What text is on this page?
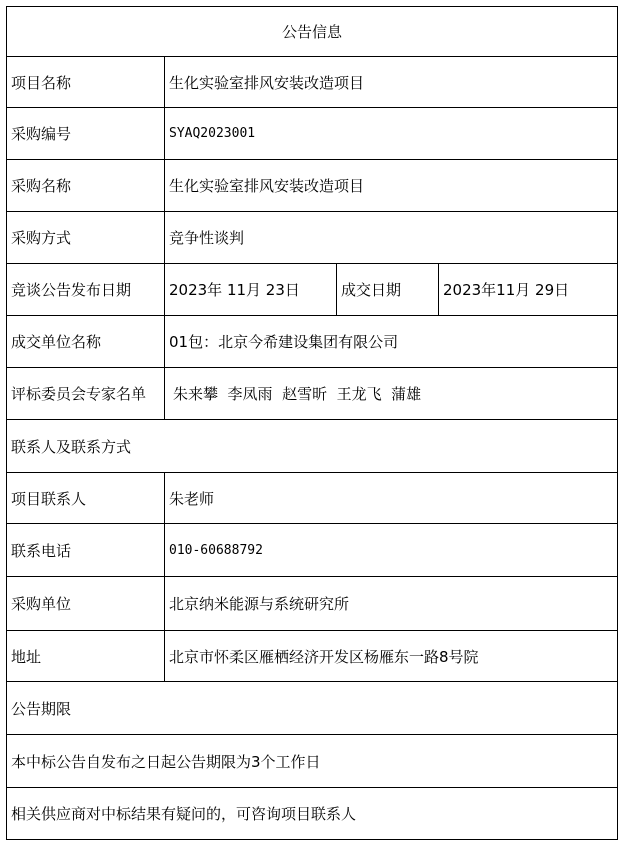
公告信息
项目名称	生化实验室排风安装改造项目
采购编号	SYAQ2023001
采购名称	生化实验室排风安装改造项目
采购方式	竞争性谈判
竞谈公告发布日期	2023年 11月 23日	成交日期	2023年11月 29日
成交单位名称	01包：北京今希建设集团有限公司
评标委员会专家名单	朱来攀  李凤雨  赵雪昕  王龙飞  蒲雄
联系人及联系方式
项目联系人	朱老师
联系电话	010-60688792
采购单位	北京纳米能源与系统研究所
地址	北京市怀柔区雁栖经济开发区杨雁东一路8号院
公告期限
本中标公告自发布之日起公告期限为3个工作日
相关供应商对中标结果有疑问的，可咨询项目联系人
